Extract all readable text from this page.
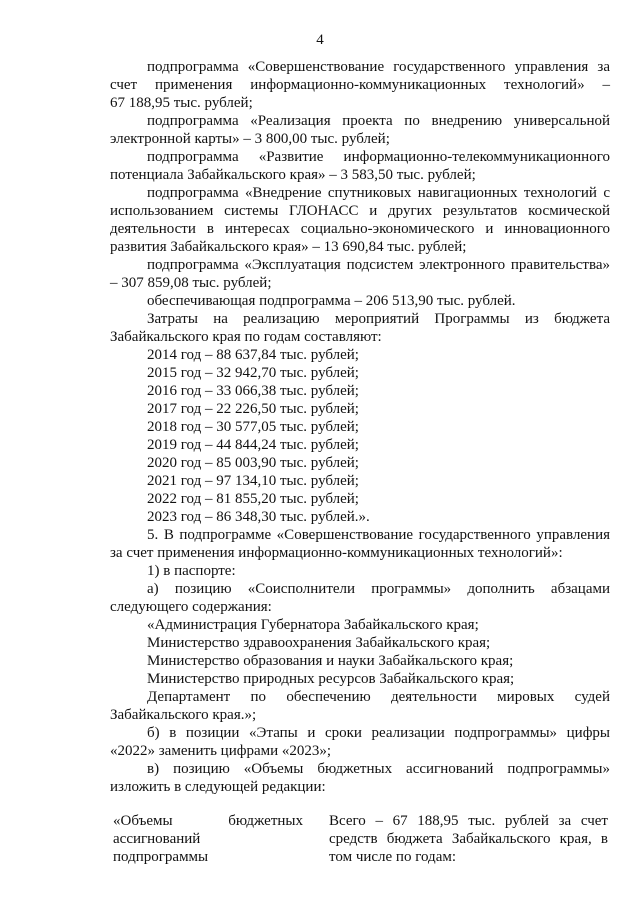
4
подпрограмма «Совершенствование государственного управления за
счет применения информационно-коммуникационных технологий» –
67 188,95 тыс. рублей;
подпрограмма «Реализация проекта по внедрению универсальной
электронной карты» – 3 800,00 тыс. рублей;
подпрограмма «Развитие информационно-телекоммуникационного
потенциала Забайкальского края» – 3 583,50 тыс. рублей;
подпрограмма «Внедрение спутниковых навигационных технологий с
использованием системы ГЛОНАСС и других результатов космической
деятельности в интересах социально-экономического и инновационного
развития Забайкальского края» – 13 690,84 тыс. рублей;
подпрограмма «Эксплуатация подсистем электронного правительства»
– 307 859,08 тыс. рублей;
обеспечивающая подпрограмма – 206 513,90 тыс. рублей.
Затраты на реализацию мероприятий Программы из бюджета
Забайкальского края по годам составляют:
2014 год – 88 637,84 тыс. рублей;
2015 год – 32 942,70 тыс. рублей;
2016 год – 33 066,38 тыс. рублей;
2017 год – 22 226,50 тыс. рублей;
2018 год – 30 577,05 тыс. рублей;
2019 год – 44 844,24 тыс. рублей;
2020 год – 85 003,90 тыс. рублей;
2021 год – 97 134,10 тыс. рублей;
2022 год – 81 855,20 тыс. рублей;
2023 год – 86 348,30 тыс. рублей.».
5. В подпрограмме «Совершенствование государственного управления
за счет применения информационно-коммуникационных технологий»:
1) в паспорте:
а) позицию «Соисполнители программы» дополнить абзацами
следующего содержания:
«Администрация Губернатора Забайкальского края;
Министерство здравоохранения Забайкальского края;
Министерство образования и науки Забайкальского края;
Министерство природных ресурсов Забайкальского края;
Департамент по обеспечению деятельности мировых судей
Забайкальского края.»;
б) в позиции «Этапы и сроки реализации подпрограммы» цифры
«2022» заменить цифрами «2023»;
в) позицию «Объемы бюджетных ассигнований подпрограммы»
изложить в следующей редакции:
«Объемы бюджетных
ассигнований
подпрограммы
Всего – 67 188,95 тыс. рублей за счет
средств бюджета Забайкальского края, в
том числе по годам:
